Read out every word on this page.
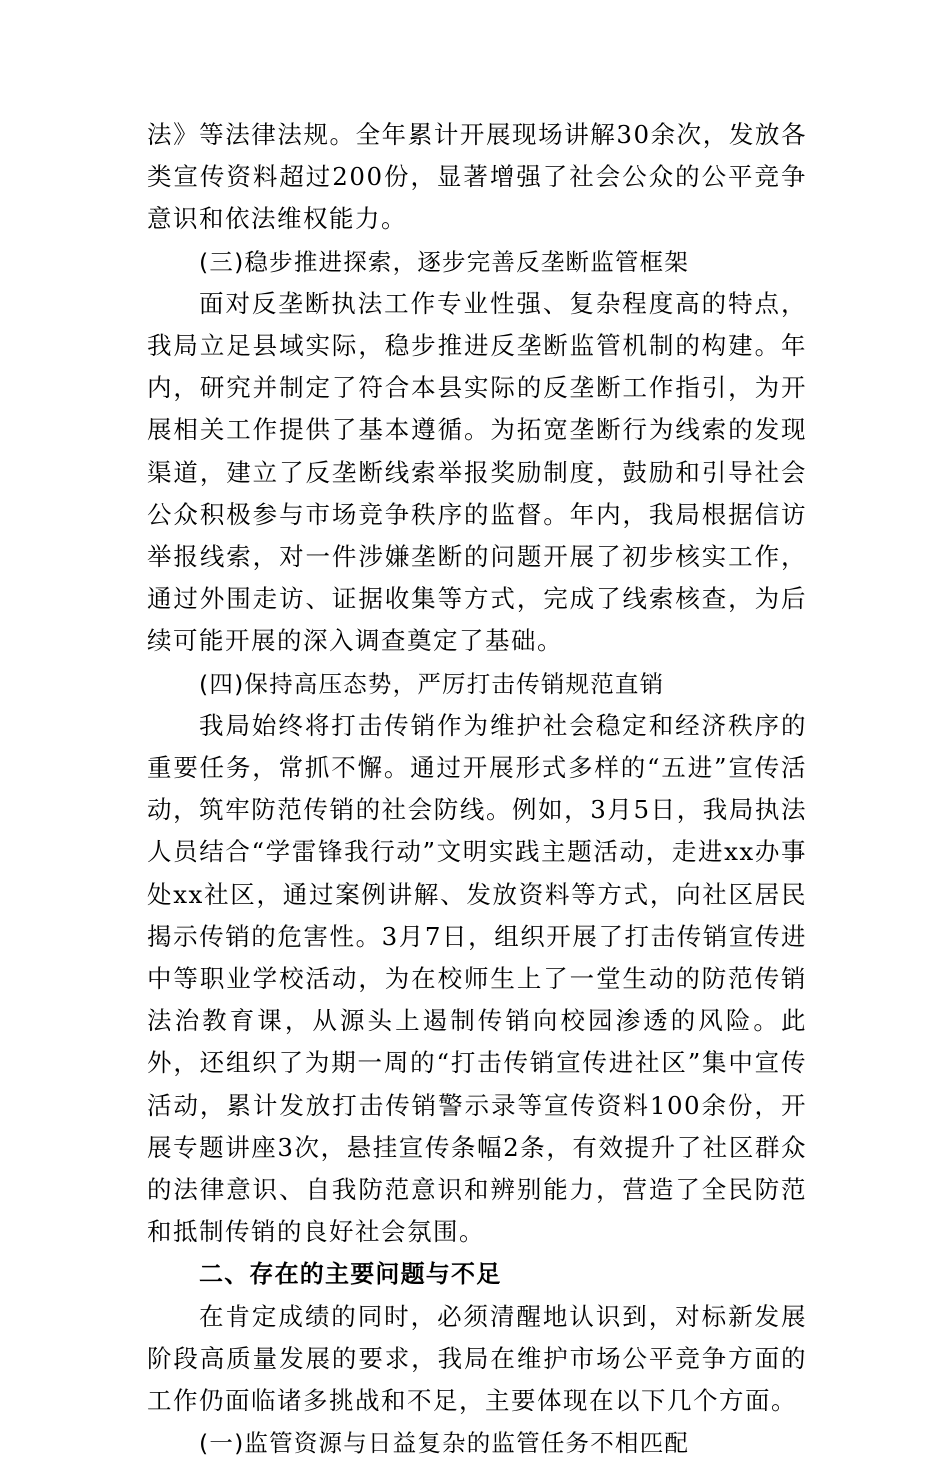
法》等法律法规。全年累计开展现场讲解30余次，发放各类宣传资料超过200份，显著增强了社会公众的公平竞争意识和依法维权能力。

(三)稳步推进探索，逐步完善反垄断监管框架

面对反垄断执法工作专业性强、复杂程度高的特点，我局立足县域实际，稳步推进反垄断监管机制的构建。年内，研究并制定了符合本县实际的反垄断工作指引，为开展相关工作提供了基本遵循。为拓宽垄断行为线索的发现渠道，建立了反垄断线索举报奖励制度，鼓励和引导社会公众积极参与市场竞争秩序的监督。年内，我局根据信访举报线索，对一件涉嫌垄断的问题开展了初步核实工作，通过外围走访、证据收集等方式，完成了线索核查，为后续可能开展的深入调查奠定了基础。

(四)保持高压态势，严厉打击传销规范直销

我局始终将打击传销作为维护社会稳定和经济秩序的重要任务，常抓不懈。通过开展形式多样的“五进”宣传活动，筑牢防范传销的社会防线。例如，3月5日，我局执法人员结合“学雷锋我行动”文明实践主题活动，走进xx办事处xx社区，通过案例讲解、发放资料等方式，向社区居民揭示传销的危害性。3月7日，组织开展了打击传销宣传进中等职业学校活动，为在校师生上了一堂生动的防范传销法治教育课，从源头上遏制传销向校园渗透的风险。此外，还组织了为期一周的“打击传销宣传进社区”集中宣传活动，累计发放打击传销警示录等宣传资料100余份，开展专题讲座3次，悬挂宣传条幅2条，有效提升了社区群众的法律意识、自我防范意识和辨别能力，营造了全民防范和抵制传销的良好社会氛围。

二、存在的主要问题与不足

在肯定成绩的同时，必须清醒地认识到，对标新发展阶段高质量发展的要求，我局在维护市场公平竞争方面的工作仍面临诸多挑战和不足，主要体现在以下几个方面。

(一)监管资源与日益复杂的监管任务不相匹配
